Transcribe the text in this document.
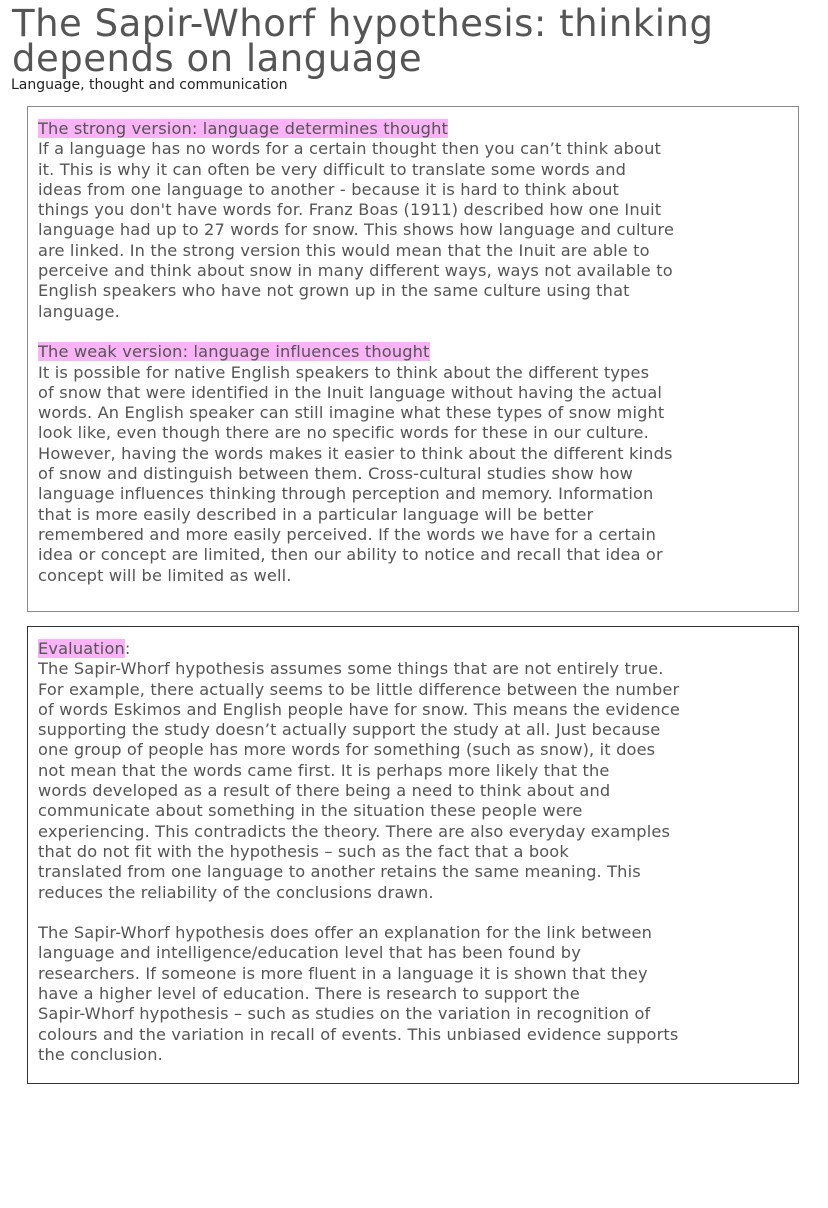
The Sapir-Whorf hypothesis: thinking
depends on language
Language, thought and communication
The strong version: language determines thought
If a language has no words for a certain thought then you can’t think about
it. This is why it can often be very difficult to translate some words and
ideas from one language to another - because it is hard to think about
things you don't have words for. Franz Boas (1911) described how one Inuit
language had up to 27 words for snow. This shows how language and culture
are linked. In the strong version this would mean that the Inuit are able to
perceive and think about snow in many different ways, ways not available to
English speakers who have not grown up in the same culture using that
language.
The weak version: language influences thought
It is possible for native English speakers to think about the different types
of snow that were identified in the Inuit language without having the actual
words. An English speaker can still imagine what these types of snow might
look like, even though there are no specific words for these in our culture.
However, having the words makes it easier to think about the different kinds
of snow and distinguish between them. Cross-cultural studies show how
language influences thinking through perception and memory. Information
that is more easily described in a particular language will be better
remembered and more easily perceived. If the words we have for a certain
idea or concept are limited, then our ability to notice and recall that idea or
concept will be limited as well.
Evaluation:
The Sapir-Whorf hypothesis assumes some things that are not entirely true.
For example, there actually seems to be little difference between the number
of words Eskimos and English people have for snow. This means the evidence
supporting the study doesn’t actually support the study at all. Just because
one group of people has more words for something (such as snow), it does
not mean that the words came first. It is perhaps more likely that the
words developed as a result of there being a need to think about and
communicate about something in the situation these people were
experiencing. This contradicts the theory. There are also everyday examples
that do not fit with the hypothesis – such as the fact that a book
translated from one language to another retains the same meaning. This
reduces the reliability of the conclusions drawn.
The Sapir-Whorf hypothesis does offer an explanation for the link between
language and intelligence/education level that has been found by
researchers. If someone is more fluent in a language it is shown that they
have a higher level of education. There is research to support the
Sapir-Whorf hypothesis – such as studies on the variation in recognition of
colours and the variation in recall of events. This unbiased evidence supports
the conclusion.
